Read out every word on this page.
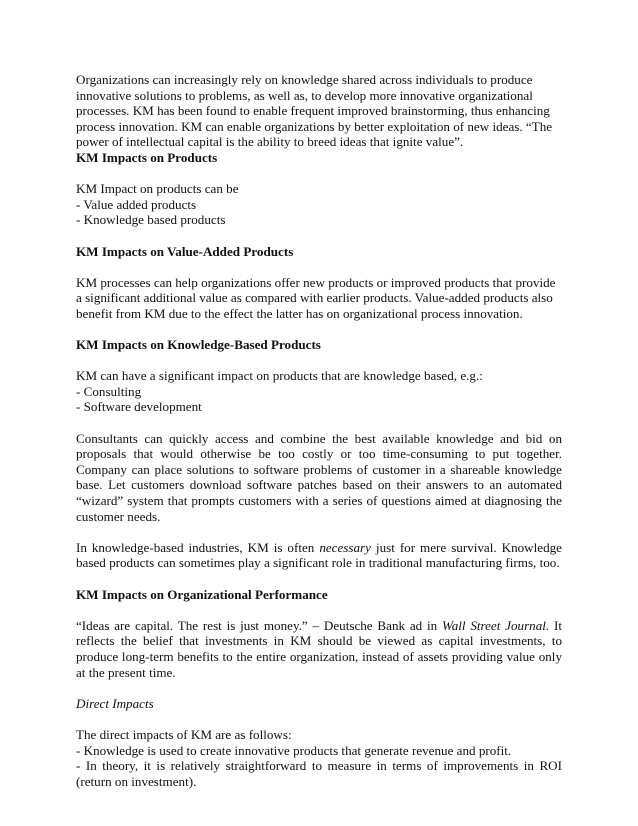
Organizations can increasingly rely on knowledge shared across individuals to produce innovative solutions to problems, as well as, to develop more innovative organizational processes. KM has been found to enable frequent improved brainstorming, thus enhancing process innovation. KM can enable organizations by better exploitation of new ideas. “The power of intellectual capital is the ability to breed ideas that ignite value”.

KM Impacts on Products

KM Impact on products can be
- Value added products
- Knowledge based products

KM Impacts on Value-Added Products

KM processes can help organizations offer new products or improved products that provide a significant additional value as compared with earlier products. Value-added products also benefit from KM due to the effect the latter has on organizational process innovation.

KM Impacts on Knowledge-Based Products

KM can have a significant impact on products that are knowledge based, e.g.:
- Consulting
- Software development

Consultants can quickly access and combine the best available knowledge and bid on proposals that would otherwise be too costly or too time-consuming to put together. Company can place solutions to software problems of customer in a shareable knowledge base. Let customers download software patches based on their answers to an automated “wizard” system that prompts customers with a series of questions aimed at diagnosing the customer needs.

In knowledge-based industries, KM is often necessary just for mere survival. Knowledge based products can sometimes play a significant role in traditional manufacturing firms, too.

KM Impacts on Organizational Performance

“Ideas are capital. The rest is just money.” – Deutsche Bank ad in Wall Street Journal. It reflects the belief that investments in KM should be viewed as capital investments, to produce long-term benefits to the entire organization, instead of assets providing value only at the present time.

Direct Impacts

The direct impacts of KM are as follows:
- Knowledge is used to create innovative products that generate revenue and profit.
- In theory, it is relatively straightforward to measure in terms of improvements in ROI (return on investment).
